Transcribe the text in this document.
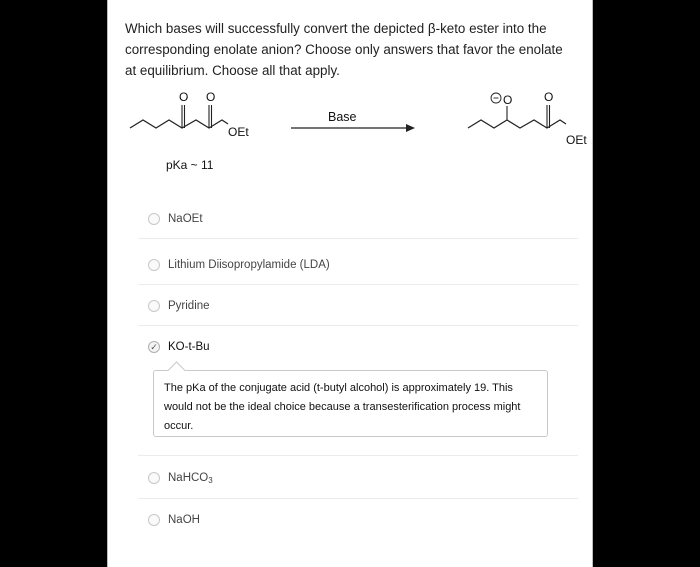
Which bases will successfully convert the depicted β-keto ester into the corresponding enolate anion? Choose only answers that favor the enolate at equilibrium. Choose all that apply.
O O
OEt
Base
O	O
OEt
pKa ~ 11
NaOEt
Lithium Diisopropylamide (LDA)
Pyridine
✓ KO-t-Bu
The pKa of the conjugate acid (t-butyl alcohol) is approximately 19. This would not be the ideal choice because a transesterification process might occur.
NaHCO$_3$
NaOH
